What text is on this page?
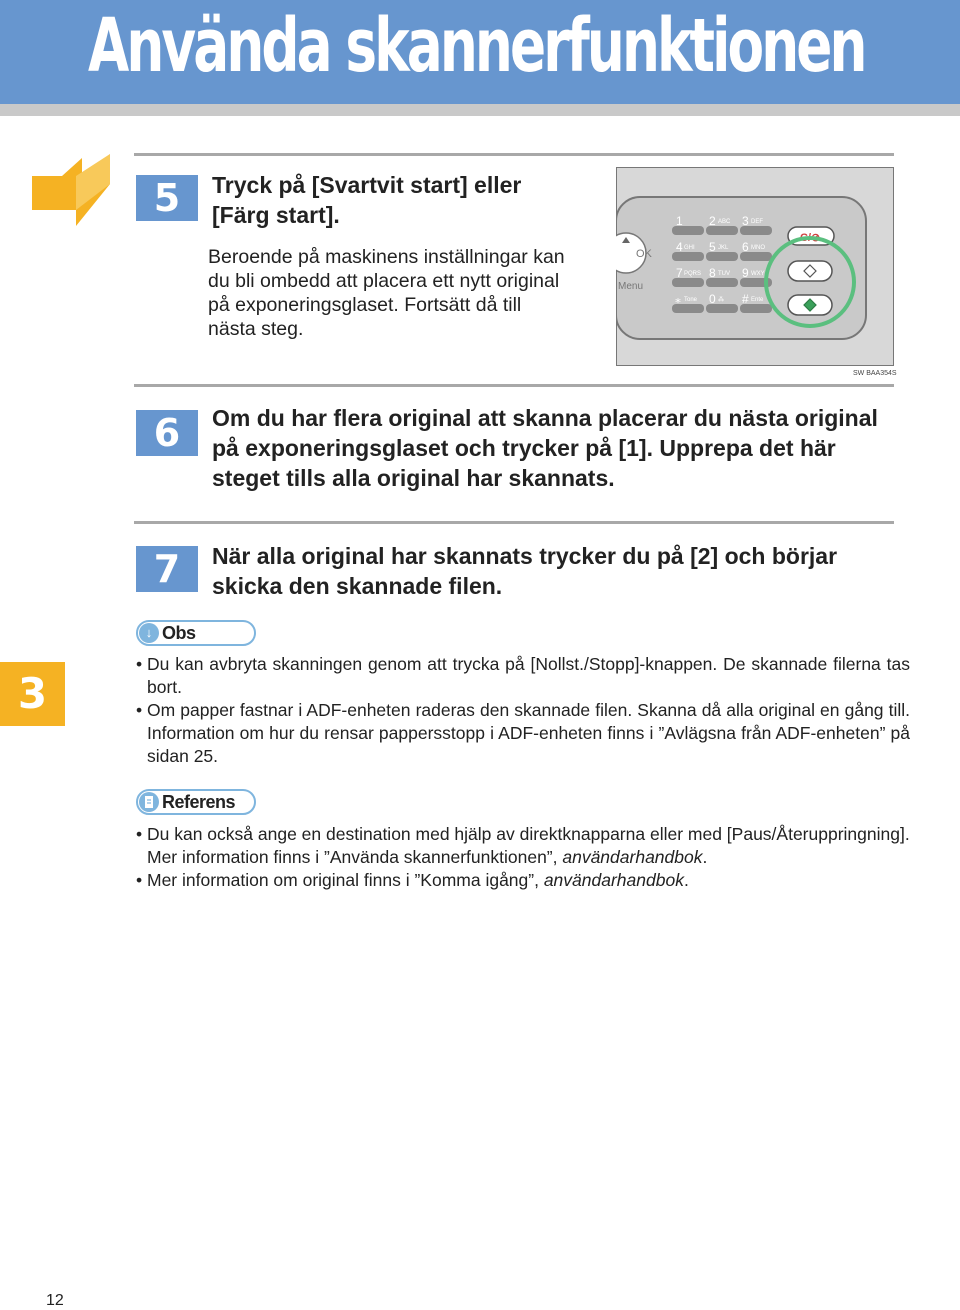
Använda skannerfunktionen
5	Tryck på [Svartvit start] eller
[Färg start].
Beroende på maskinens inställningar kan
du bli ombedd att placera ett nytt original
på exponeringsglaset. Fortsätt då till
nästa steg.
OK
Menu
1 2 ABC 3 DEF
4 GHI 5 JKL 6 MNO
7 PQRS 8 TUV 9 WXY
⁎ Tone 0 ⁂ # Ente
C/⊘
SW BAA354S
6	Om du har flera original att skanna placerar du nästa original
på exponeringsglaset och trycker på [1]. Upprepa det här
steget tills alla original har skannats.
7	När alla original har skannats trycker du på [2] och börjar
skicka den skannade filen.
3
↓ Obs
• Du kan avbryta skanningen genom att trycka på [Nollst./Stopp]-knappen. De skannade filerna tas bort.
• Om papper fastnar i ADF-enheten raderas den skannade filen. Skanna då alla original en gång till. Information om hur du rensar pappersstopp i ADF-enheten finns i ”Avlägsna från ADF-enheten” på sidan 25.
Referens
• Du kan också ange en destination med hjälp av direktknapparna eller med [Paus/Återuppringning]. Mer information finns i ”Använda skannerfunktionen”, användarhandbok.
• Mer information om original finns i ”Komma igång”, användarhandbok.
12
